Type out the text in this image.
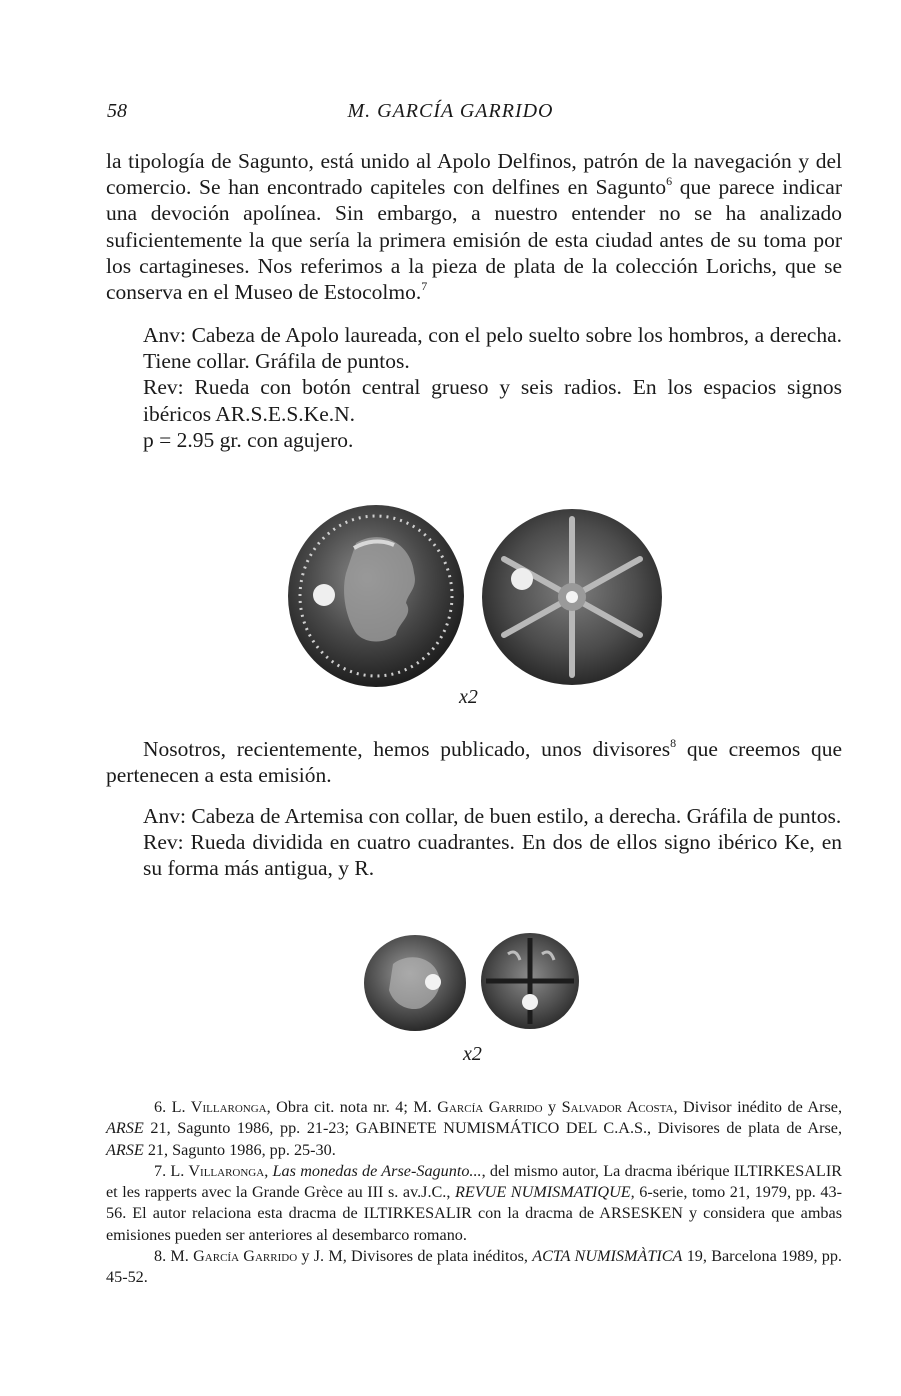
58	M. GARCÍA GARRIDO
la tipología de Sagunto, está unido al Apolo Delfinos, patrón de la navegación y del comercio. Se han encontrado capiteles con delfines en Sagunto$^6$ que parece indicar una devoción apolínea. Sin embargo, a nuestro entender no se ha analizado suficientemente la que sería la primera emisión de esta ciudad antes de su toma por los cartagineses. Nos referimos a la pieza de plata de la colección Lorichs, que se conserva en el Museo de Estocolmo.$^7$

Anv: Cabeza de Apolo laureada, con el pelo suelto sobre los hombros, a derecha. Tiene collar. Gráfila de puntos.

Rev: Rueda con botón central grueso y seis radios. En los espacios signos ibéricos AR.S.E.S.Ke.N.

p = 2.95 gr. con agujero.

x2
Nosotros, recientemente, hemos publicado, unos divisores$^8$ que creemos que pertenecen a esta emisión.

Anv: Cabeza de Artemisa con collar, de buen estilo, a derecha. Gráfila de puntos.

Rev: Rueda dividida en cuatro cuadrantes. En dos de ellos signo ibérico Ke, en su forma más antigua, y R.

x2

6. L. Villaronga, Obra cit. nota nr. 4; M. García Garrido y Salvador Acosta, Divisor inédito de Arse, ARSE 21, Sagunto 1986, pp. 21-23; GABINETE NUMISMÁTICO DEL C.A.S., Divisores de plata de Arse, ARSE 21, Sagunto 1986, pp. 25-30.

7. L. Villaronga, Las monedas de Arse-Sagunto..., del mismo autor, La dracma ibérique ILTIRKESALIR et les rapperts avec la Grande Grèce au III s. av.J.C., REVUE NUMISMATIQUE, 6-serie, tomo 21, 1979, pp. 43-56. El autor relaciona esta dracma de ILTIRKESALIR con la dracma de ARSESKEN y considera que ambas emisiones pueden ser anteriores al desembarco romano.

8. M. García Garrido y J. M, Divisores de plata inéditos, ACTA NUMISMÀTICA 19, Barcelona 1989, pp. 45-52.
